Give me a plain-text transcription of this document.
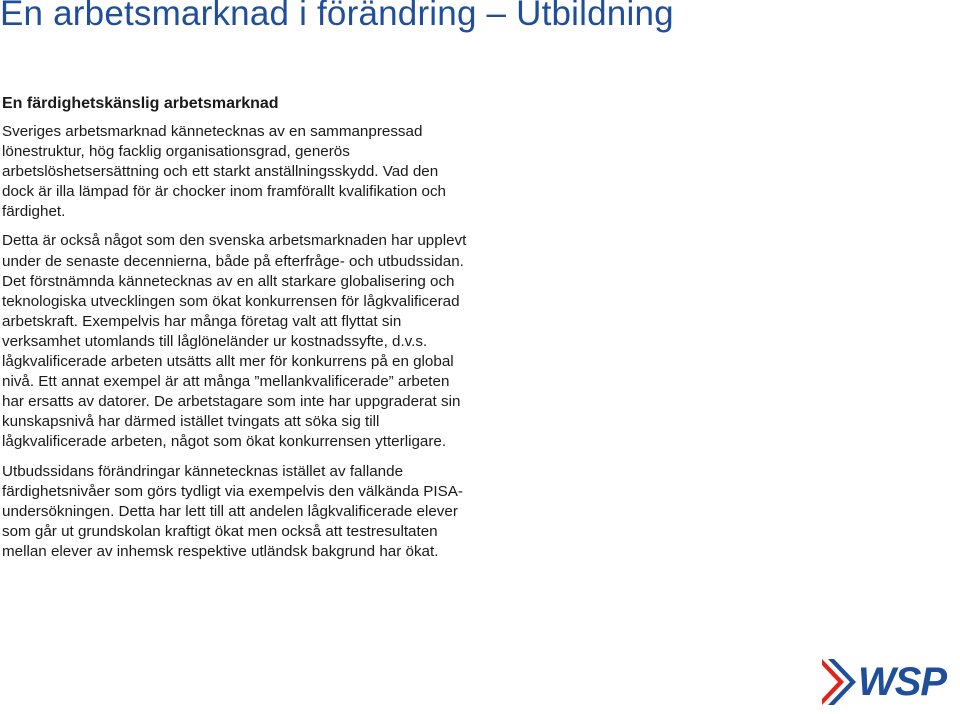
En arbetsmarknad i förändring – Utbildning
En färdighetskänslig arbetsmarknad

Sveriges arbetsmarknad kännetecknas av en sammanpressad lönestruktur, hög facklig organisationsgrad, generös arbetslöshetsersättning och ett starkt anställningsskydd. Vad den dock är illa lämpad för är chocker inom framförallt kvalifikation och färdighet.

Detta är också något som den svenska arbetsmarknaden har upplevt under de senaste decennierna, både på efterfråge- och utbudssidan. Det förstnämnda kännetecknas av en allt starkare globalisering och teknologiska utvecklingen som ökat konkurrensen för lågkvalificerad arbetskraft. Exempelvis har många företag valt att flyttat sin verksamhet utomlands till låglöneländer ur kostnadssyfte, d.v.s. lågkvalificerade arbeten utsätts allt mer för konkurrens på en global nivå. Ett annat exempel är att många ”mellankvalificerade” arbeten har ersatts av datorer. De arbetstagare som inte har uppgraderat sin kunskapsnivå har därmed istället tvingats att söka sig till lågkvalificerade arbeten, något som ökat konkurrensen ytterligare.

Utbudssidans förändringar kännetecknas istället av fallande färdighetsnivåer som görs tydligt via exempelvis den välkända PISA-undersökningen. Detta har lett till att andelen lågkvalificerade elever som går ut grundskolan kraftigt ökat men också att testresultaten mellan elever av inhemsk respektive utländsk bakgrund har ökat.

WSP
